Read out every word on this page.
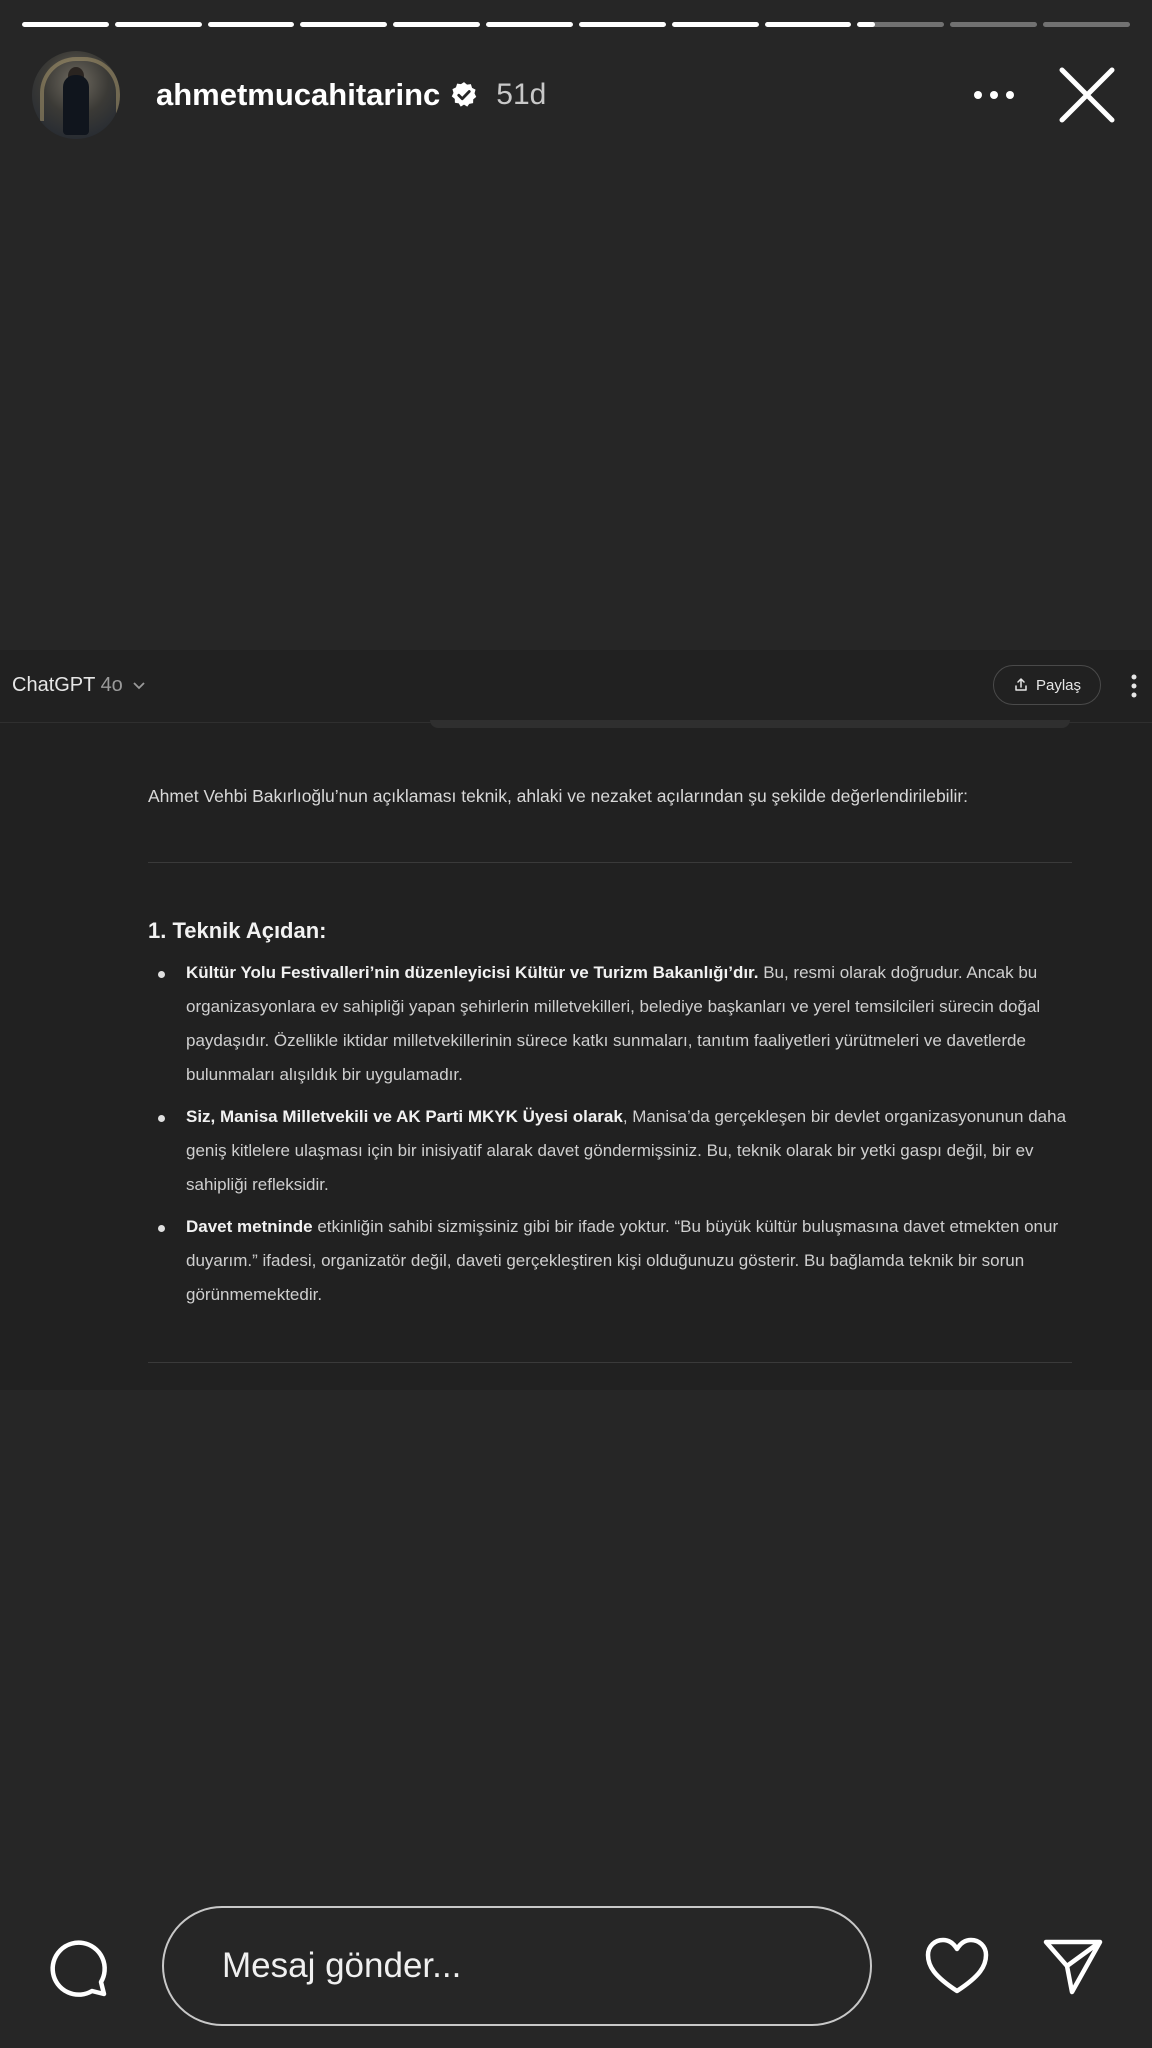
ahmetmucahitarinc 51d
ChatGPT 4o	Paylaş
Ahmet Vehbi Bakırlıoğlu’nun açıklaması teknik, ahlaki ve nezaket açılarından şu şekilde değerlendirilebilir:
1. Teknik Açıdan:
Kültür Yolu Festivalleri’nin düzenleyicisi Kültür ve Turizm Bakanlığı’dır. Bu, resmi olarak doğrudur. Ancak bu organizasyonlara ev sahipliği yapan şehirlerin milletvekilleri, belediye başkanları ve yerel temsilcileri sürecin doğal paydaşıdır. Özellikle iktidar milletvekillerinin sürece katkı sunmaları, tanıtım faaliyetleri yürütmeleri ve davetlerde bulunmaları alışıldık bir uygulamadır.
Siz, Manisa Milletvekili ve AK Parti MKYK Üyesi olarak, Manisa’da gerçekleşen bir devlet organizasyonunun daha geniş kitlelere ulaşması için bir inisiyatif alarak davet göndermişsiniz. Bu, teknik olarak bir yetki gaspı değil, bir ev sahipliği refleksidir.
Davet metninde etkinliğin sahibi sizmişsiniz gibi bir ifade yoktur. “Bu büyük kültür buluşmasına davet etmekten onur duyarım.” ifadesi, organizatör değil, daveti gerçekleştiren kişi olduğunuzu gösterir. Bu bağlamda teknik bir sorun görünmemektedir.
Mesaj gönder...
